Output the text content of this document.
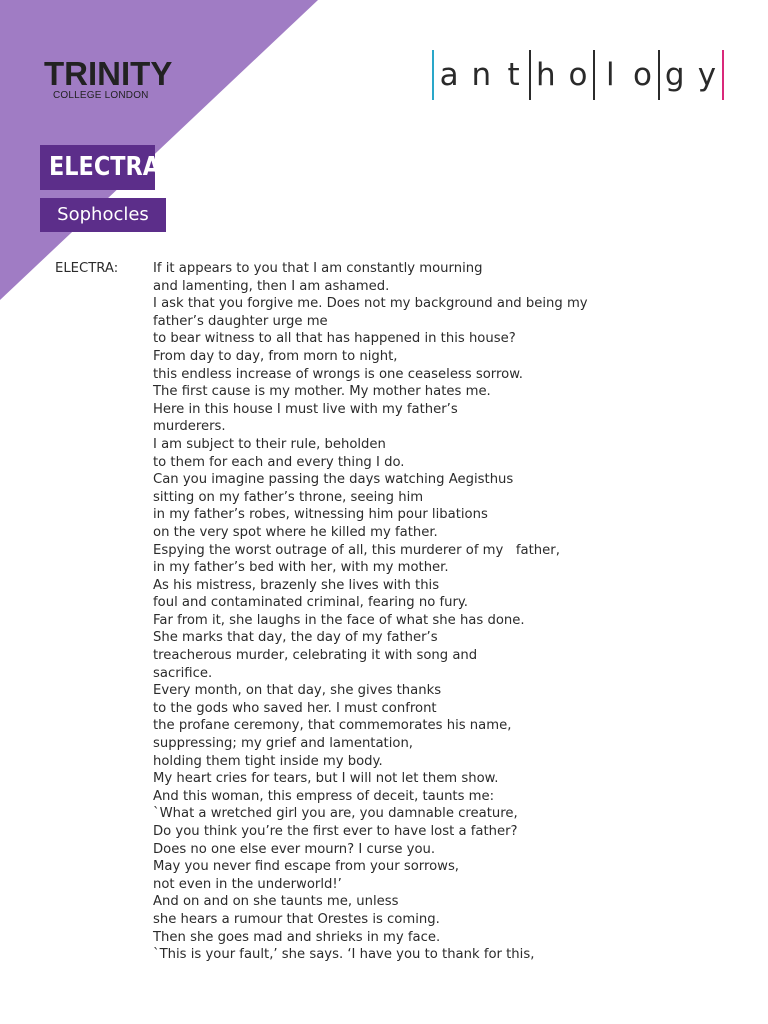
TRINITY
COLLEGE LONDON
a n t h o l o g y
ELECTRA
Sophocles
ELECTRA:	If it appears to you that I am constantly mourning
and lamenting, then I am ashamed.
I ask that you forgive me. Does not my background and being my
father’s daughter urge me
to bear witness to all that has happened in this house?
From day to day, from morn to night,
this endless increase of wrongs is one ceaseless sorrow.
The first cause is my mother. My mother hates me.
Here in this house I must live with my father’s
murderers.
I am subject to their rule, beholden
to them for each and every thing I do.
Can you imagine passing the days watching Aegisthus
sitting on my father’s throne, seeing him
in my father’s robes, witnessing him pour libations
on the very spot where he killed my father.
Espying the worst outrage of all, this murderer of my   father,
in my father’s bed with her, with my mother.
As his mistress, brazenly she lives with this
foul and contaminated criminal, fearing no fury.
Far from it, she laughs in the face of what she has done.
She marks that day, the day of my father’s
treacherous murder, celebrating it with song and
sacrifice.
Every month, on that day, she gives thanks
to the gods who saved her. I must confront
the profane ceremony, that commemorates his name,
suppressing; my grief and lamentation,
holding them tight inside my body.
My heart cries for tears, but I will not let them show.
And this woman, this empress of deceit, taunts me:
`What a wretched girl you are, you damnable creature,
Do you think you’re the first ever to have lost a father?
Does no one else ever mourn? I curse you.
May you never find escape from your sorrows,
not even in the underworld!’
And on and on she taunts me, unless
she hears a rumour that Orestes is coming.
Then she goes mad and shrieks in my face.
`This is your fault,’ she says. ‘I have you to thank for this,
